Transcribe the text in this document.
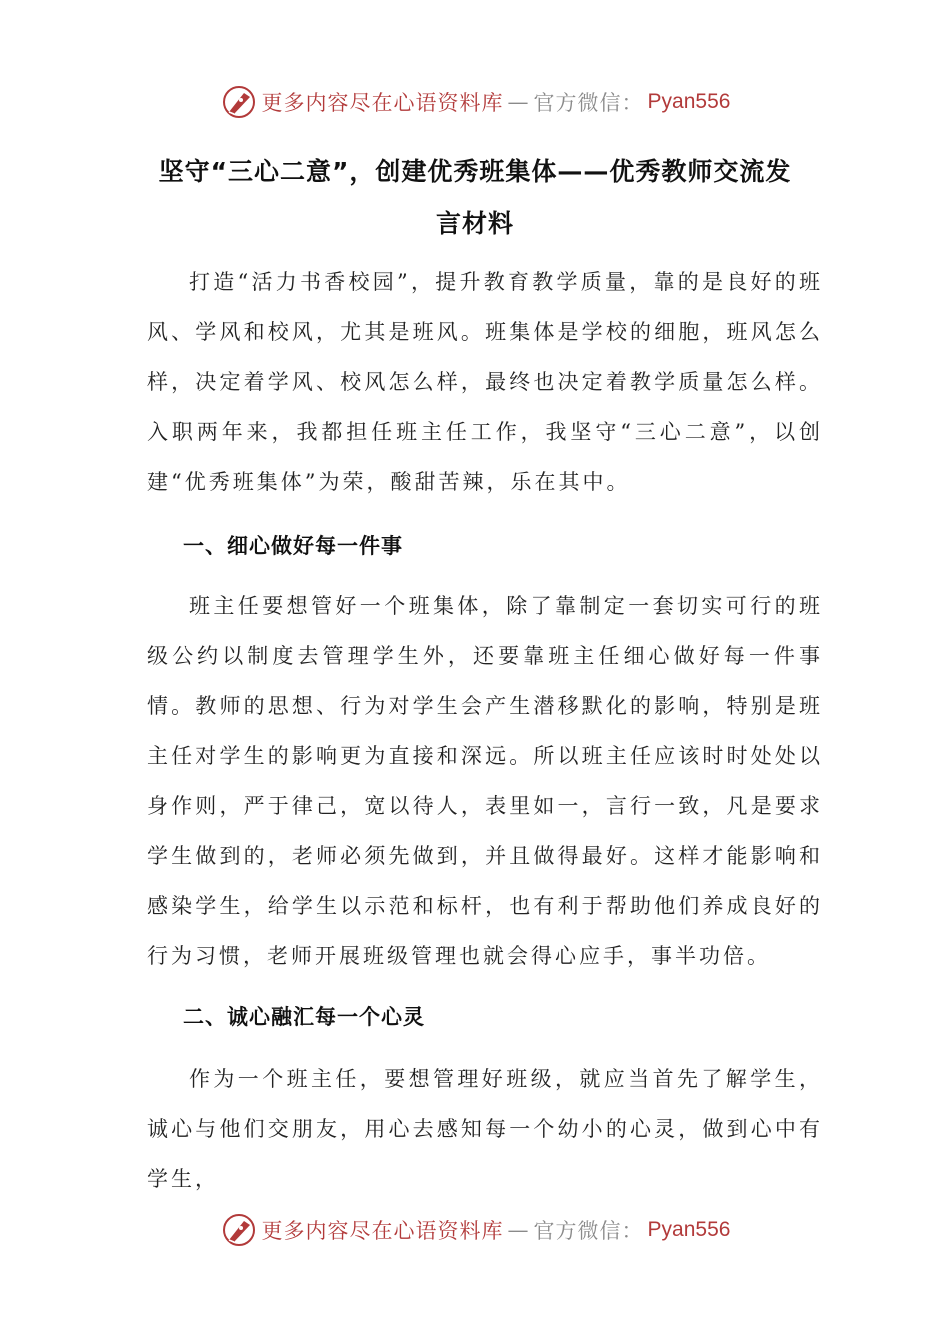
更多内容尽在心语资料库 — 官方微信： Pyan556
坚守“三心二意”，创建优秀班集体——优秀教师交流发
言材料

打造“活力书香校园”，提升教育教学质量，靠的是良好的班风、学风和校风，尤其是班风。班集体是学校的细胞，班风怎么样，决定着学风、校风怎么样，最终也决定着教学质量怎么样。入职两年来，我都担任班主任工作，我坚守“三心二意”，以创建“优秀班集体”为荣，酸甜苦辣，乐在其中。

一、细心做好每一件事

班主任要想管好一个班集体，除了靠制定一套切实可行的班级公约以制度去管理学生外，还要靠班主任细心做好每一件事情。教师的思想、行为对学生会产生潜移默化的影响，特别是班主任对学生的影响更为直接和深远。所以班主任应该时时处处以身作则，严于律己，宽以待人，表里如一，言行一致，凡是要求学生做到的，老师必须先做到，并且做得最好。这样才能影响和感染学生，给学生以示范和标杆，也有利于帮助他们养成良好的行为习惯，老师开展班级管理也就会得心应手，事半功倍。

二、诚心融汇每一个心灵

作为一个班主任，要想管理好班级，就应当首先了解学生，诚心与他们交朋友，用心去感知每一个幼小的心灵，做到心中有学生，

更多内容尽在心语资料库 — 官方微信： Pyan556
